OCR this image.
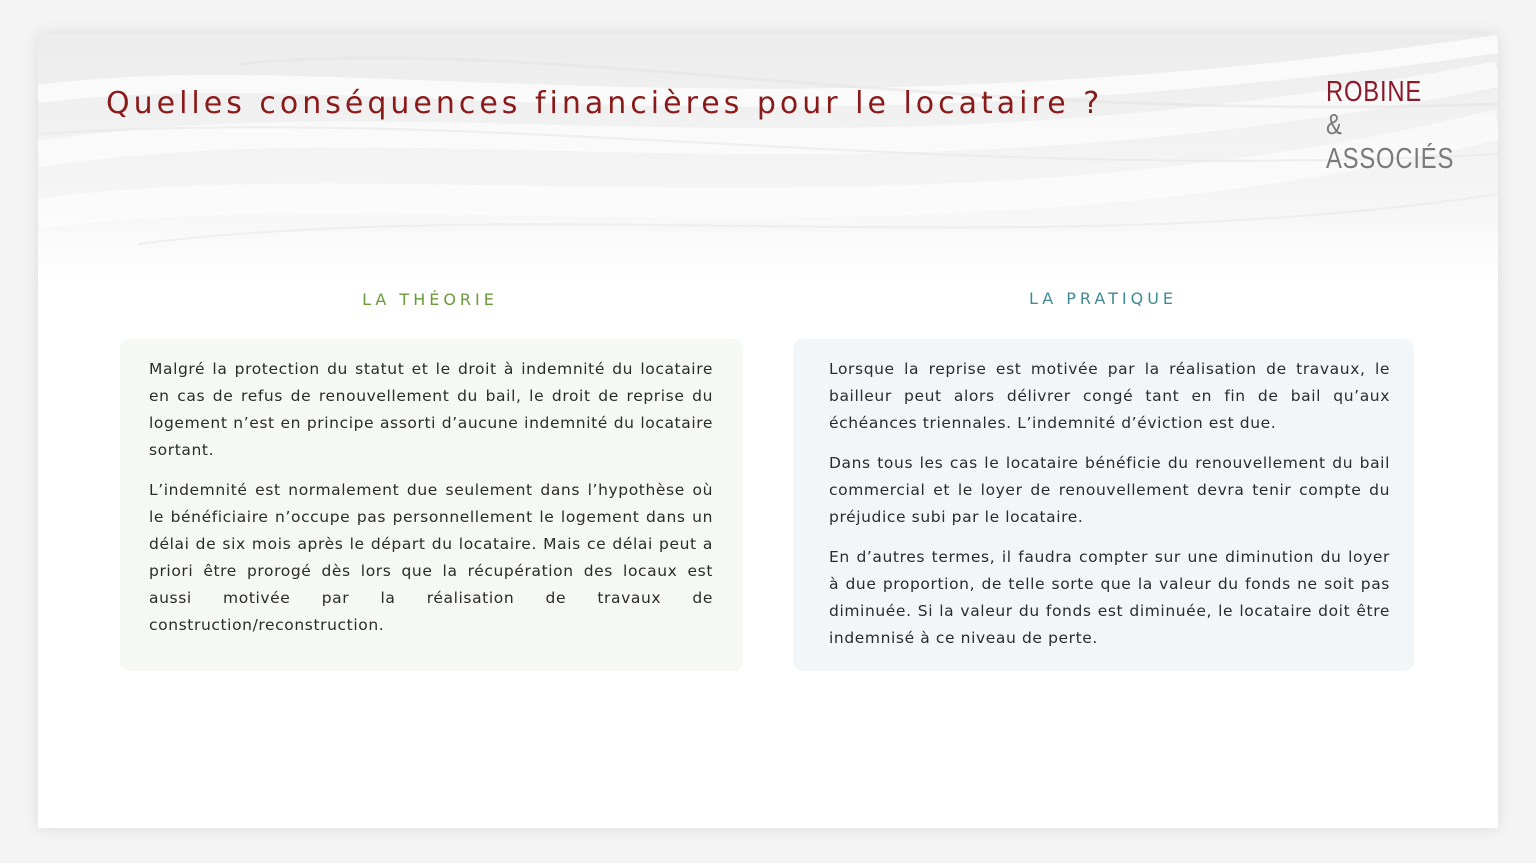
Quelles conséquences financières pour le locataire ?	ROBINE
& ASSOCIÉS
LA THÉORIE

Malgré la protection du statut et le droit à indemnité du locataire en cas de refus de renouvellement du bail, le droit de reprise du logement n’est en principe assorti d’aucune indemnité du locataire sortant.

L’indemnité est normalement due seulement dans l’hypothèse où le bénéficiaire n’occupe pas personnellement le logement dans un délai de six mois après le départ du locataire. Mais ce délai peut a priori être prorogé dès lors que la récupération des locaux est aussi motivée par la réalisation de travaux de construction/reconstruction.

LA PRATIQUE

Lorsque la reprise est motivée par la réalisation de travaux, le bailleur peut alors délivrer congé tant en fin de bail qu’aux échéances triennales. L’indemnité d’éviction est due.

Dans tous les cas le locataire bénéficie du renouvellement du bail commercial et le loyer de renouvellement devra tenir compte du préjudice subi par le locataire.

En d’autres termes, il faudra compter sur une diminution du loyer à due proportion, de telle sorte que la valeur du fonds ne soit pas diminuée. Si la valeur du fonds est diminuée, le locataire doit être indemnisé à ce niveau de perte.
